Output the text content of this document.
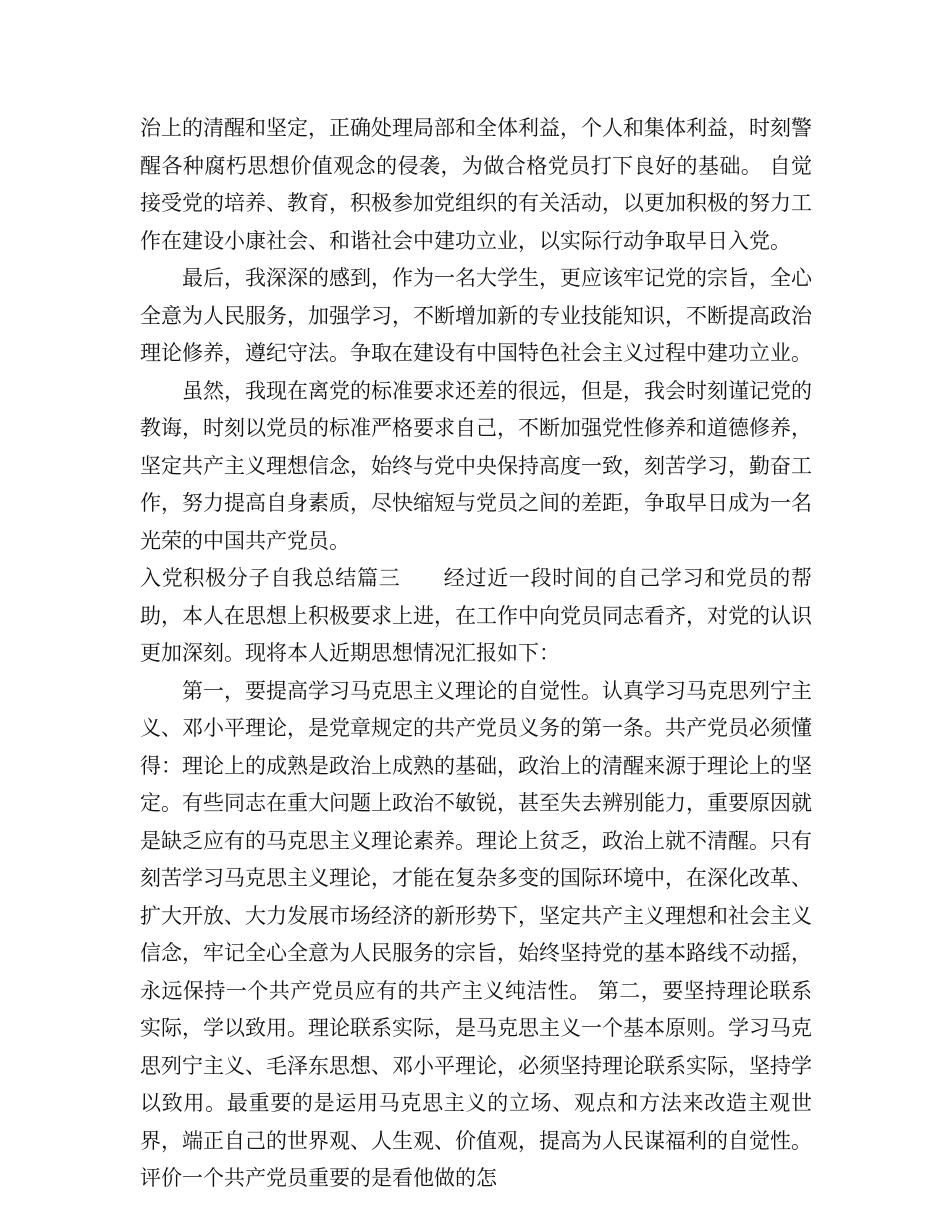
治上的清醒和坚定，正确处理局部和全体利益，个人和集体利益，时刻警醒各种腐朽思想价值观念的侵袭，为做合格党员打下良好的基础。 自觉接受党的培养、教育，积极参加党组织的有关活动，以更加积极的努力工作在建设小康社会、和谐社会中建功立业，以实际行动争取早日入党。

最后，我深深的感到，作为一名大学生，更应该牢记党的宗旨，全心全意为人民服务，加强学习，不断增加新的专业技能知识，不断提高政治理论修养，遵纪守法。争取在建设有中国特色社会主义过程中建功立业。

虽然，我现在离党的标准要求还差的很远，但是，我会时刻谨记党的教诲，时刻以党员的标准严格要求自己，不断加强党性修养和道德修养，坚定共产主义理想信念，始终与党中央保持高度一致，刻苦学习，勤奋工作，努力提高自身素质，尽快缩短与党员之间的差距，争取早日成为一名光荣的中国共产党员。

入党积极分子自我总结篇三　　经过近一段时间的自己学习和党员的帮助，本人在思想上积极要求上进，在工作中向党员同志看齐，对党的认识更加深刻。现将本人近期思想情况汇报如下：

第一，要提高学习马克思主义理论的自觉性。认真学习马克思列宁主义、邓小平理论，是党章规定的共产党员义务的第一条。共产党员必须懂得：理论上的成熟是政治上成熟的基础，政治上的清醒来源于理论上的坚定。有些同志在重大问题上政治不敏锐，甚至失去辨别能力，重要原因就是缺乏应有的马克思主义理论素养。理论上贫乏，政治上就不清醒。只有刻苦学习马克思主义理论，才能在复杂多变的国际环境中，在深化改革、扩大开放、大力发展市场经济的新形势下，坚定共产主义理想和社会主义信念，牢记全心全意为人民服务的宗旨，始终坚持党的基本路线不动摇，永远保持一个共产党员应有的共产主义纯洁性。 第二，要坚持理论联系实际，学以致用。理论联系实际，是马克思主义一个基本原则。学习马克思列宁主义、毛泽东思想、邓小平理论，必须坚持理论联系实际，坚持学以致用。最重要的是运用马克思主义的立场、观点和方法来改造主观世界，端正自己的世界观、人生观、价值观，提高为人民谋福利的自觉性。评价一个共产党员重要的是看他做的怎
